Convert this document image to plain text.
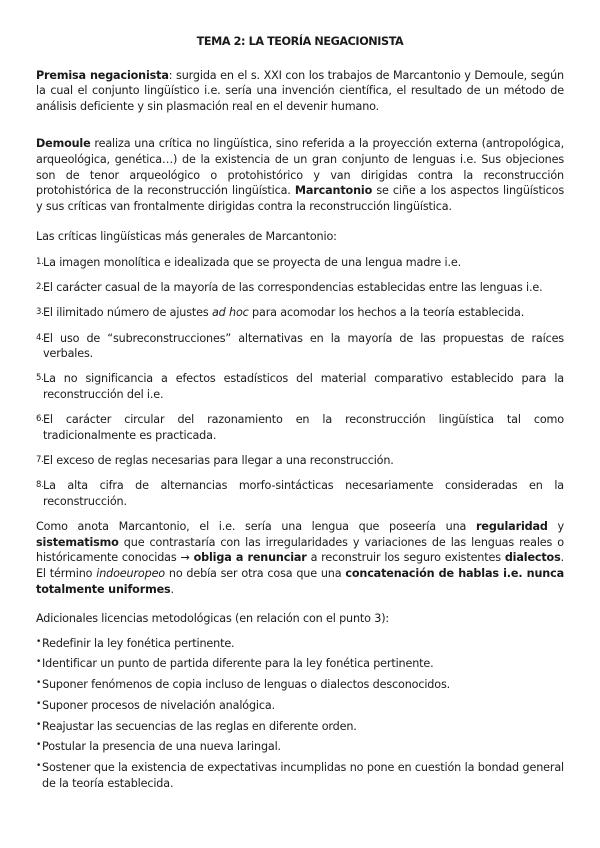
TEMA 2: LA TEORÍA NEGACIONISTA

Premisa negacionista: surgida en el s. XXI con los trabajos de Marcantonio y Demoule, según la cual el conjunto lingüístico i.e. sería una invención científica, el resultado de un método de análisis deficiente y sin plasmación real en el devenir humano.

Demoule realiza una crítica no lingüística, sino referida a la proyección externa (antropológica, arqueológica, genética…) de la existencia de un gran conjunto de lenguas i.e. Sus objeciones son de tenor arqueológico o protohistórico y van dirigidas contra la reconstrucción protohistórica de la reconstrucción lingüística. Marcantonio se ciñe a los aspectos lingüísticos y sus críticas van frontalmente dirigidas contra la reconstrucción lingüística.

Las críticas lingüísticas más generales de Marcantonio:

1. La imagen monolítica e idealizada que se proyecta de una lengua madre i.e.
2. El carácter casual de la mayoría de las correspondencias establecidas entre las lenguas i.e.
3. El ilimitado número de ajustes ad hoc para acomodar los hechos a la teoría establecida.
4. El uso de “subreconstrucciones” alternativas en la mayoría de las propuestas de raíces verbales.
5. La no significancia a efectos estadísticos del material comparativo establecido para la reconstrucción del i.e.
6. El carácter circular del razonamiento en la reconstrucción lingüística tal como tradicionalmente es practicada.
7. El exceso de reglas necesarias para llegar a una reconstrucción.
8. La alta cifra de alternancias morfo-sintácticas necesariamente consideradas en la reconstrucción.

Como anota Marcantonio, el i.e. sería una lengua que poseería una regularidad y sistematismo que contrastaría con las irregularidades y variaciones de las lenguas reales o históricamente conocidas → obliga a renunciar a reconstruir los seguro existentes dialectos. El término indoeuropeo no debía ser otra cosa que una concatenación de hablas i.e. nunca totalmente uniformes.

Adicionales licencias metodológicas (en relación con el punto 3):

• Redefinir la ley fonética pertinente.
• Identificar un punto de partida diferente para la ley fonética pertinente.
• Suponer fenómenos de copia incluso de lenguas o dialectos desconocidos.
• Suponer procesos de nivelación analógica.
• Reajustar las secuencias de las reglas en diferente orden.
• Postular la presencia de una nueva laringal.
• Sostener que la existencia de expectativas incumplidas no pone en cuestión la bondad general de la teoría establecida.
